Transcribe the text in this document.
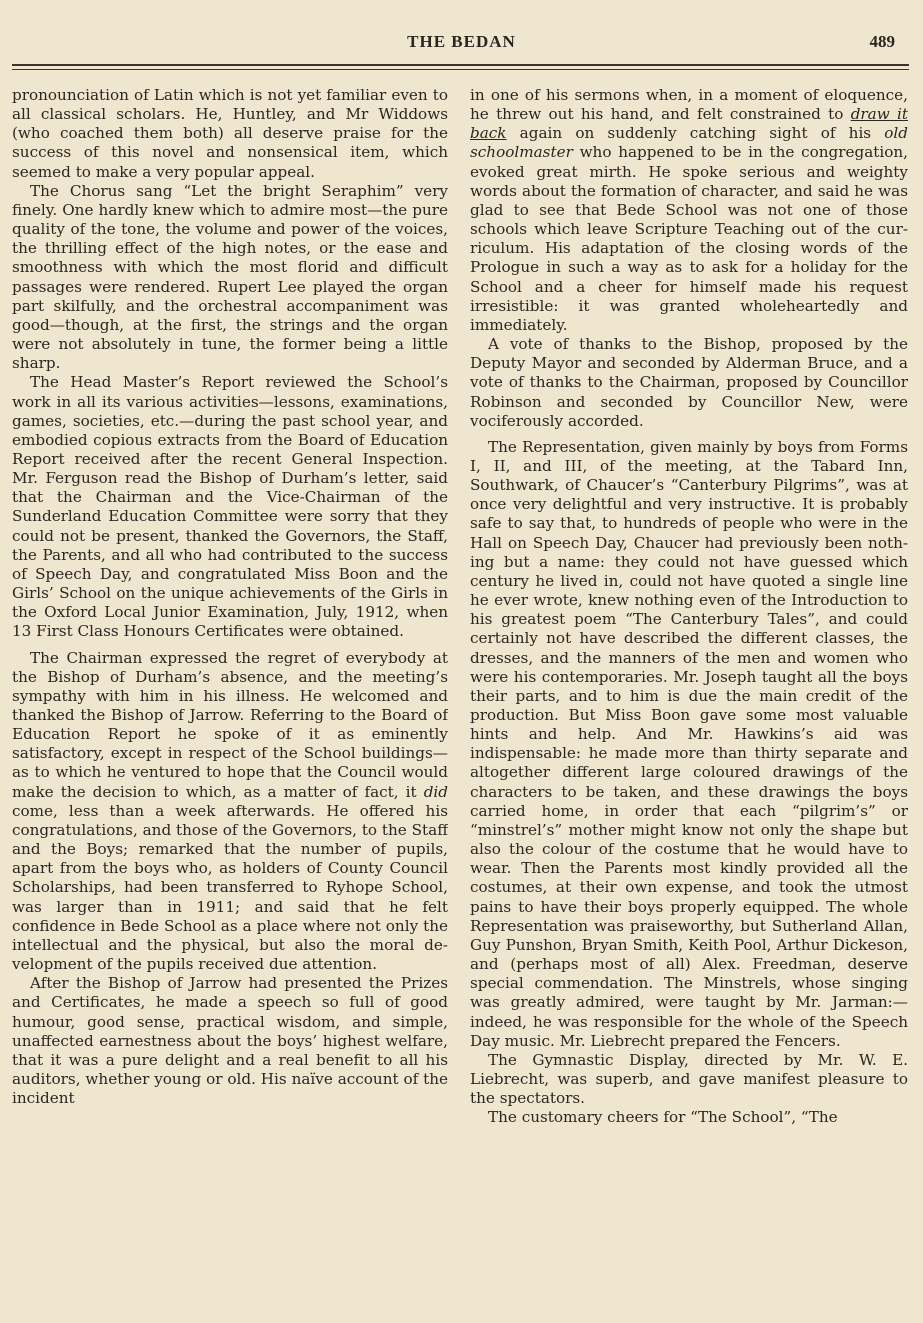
THE BEDAN	489

pronounciation of Latin which is not yet familiar even to all classical scholars. He, Huntley, and Mr Widdows (who coached them both) all deserve praise for the success of this novel and nonsensical item, which seemed to make a very popular appeal.

The Chorus sang “Let the bright Seraphim” very finely. One hardly knew which to admire most—the pure quality of the tone, the volume and power of the voices, the thrilling effect of the high notes, or the ease and smoothness with which the most florid and difficult passages were rendered. Rupert Lee played the organ part skilfully, and the orchestral accompaniment was good—though, at the first, the strings and the organ were not absolutely in tune, the former being a little sharp.

The Head Master’s Report reviewed the School’s work in all its various activities—lessons, examinations, games, societies, etc.—during the past school year, and embodied copious extracts from the Board of Education Report received after the recent General Inspection. Mr. Ferguson read the Bishop of Durham’s letter, said that the Chairman and the Vice-Chairman of the Sunderland Education Committee were sorry that they could not be present, thanked the Governors, the Staff, the Parents, and all who had contributed to the success of Speech Day, and congratulated Miss Boon and the Girls’ School on the unique achievements of the Girls in the Oxford Local Junior Examination, July, 1912, when 13 First Class Honours Certificates were obtained.

The Chairman expressed the regret of everybody at the Bishop of Durham’s absence, and the meeting’s sympathy with him in his illness. He welcomed and thanked the Bishop of Jarrow. Referring to the Board of Education Report he spoke of it as eminently satisfactory, except in respect of the School buildings—as to which he ventured to hope that the Council would make the decision to which, as a matter of fact, it did come, less than a week afterwards. He offered his congratulations, and those of the Governors, to the Staff and the Boys; remarked that the number of pupils, apart from the boys who, as holders of County Council Scholarships, had been transferred to Ryhope School, was larger than in 1911; and said that he felt confidence in Bede School as a place where not only the intellectual and the physical, but also the moral development of the pupils received due attention.

After the Bishop of Jarrow had presented the Prizes and Certificates, he made a speech so full of good humour, good sense, practical wisdom, and simple, unaffected earnestness about the boys’ highest welfare, that it was a pure delight and a real benefit to all his auditors, whether young or old. His naïve account of the incident

in one of his sermons when, in a moment of eloquence, he threw out his hand, and felt constrained to draw it back again on suddenly catching sight of his old schoolmaster who happened to be in the congregation, evoked great mirth. He spoke serious and weighty words about the formation of character, and said he was glad to see that Bede School was not one of those schools which leave Scripture Teaching out of the curriculum. His adaptation of the closing words of the Prologue in such a way as to ask for a holiday for the School and a cheer for himself made his request irresistible: it was granted wholeheartedly and immediately.

A vote of thanks to the Bishop, proposed by the Deputy Mayor and seconded by Alderman Bruce, and a vote of thanks to the Chairman, proposed by Councillor Robinson and seconded by Councillor New, were vociferously accorded.

The Representation, given mainly by boys from Forms I, II, and III, of the meeting, at the Tabard Inn, Southwark, of Chaucer’s “Canterbury Pilgrims”, was at once very delightful and very instructive. It is probably safe to say that, to hundreds of people who were in the Hall on Speech Day, Chaucer had previously been nothing but a name: they could not have guessed which century he lived in, could not have quoted a single line he ever wrote, knew nothing even of the Introduction to his greatest poem “The Canterbury Tales”, and could certainly not have described the different classes, the dresses, and the manners of the men and women who were his contemporaries. Mr. Joseph taught all the boys their parts, and to him is due the main credit of the production. But Miss Boon gave some most valuable hints and help. And Mr. Hawkins’s aid was indispensable: he made more than thirty separate and altogether different large coloured drawings of the characters to be taken, and these drawings the boys carried home, in order that each “pilgrim’s” or “minstrel’s” mother might know not only the shape but also the colour of the costume that he would have to wear. Then the Parents most kindly provided all the costumes, at their own expense, and took the utmost pains to have their boys properly equipped. The whole Representation was praiseworthy, but Sutherland Allan, Guy Punshon, Bryan Smith, Keith Pool, Arthur Dickeson, and (perhaps most of all) Alex. Freedman, deserve special commendation. The Minstrels, whose singing was greatly admired, were taught by Mr. Jarman:—indeed, he was responsible for the whole of the Speech Day music. Mr. Liebrecht prepared the Fencers.

The Gymnastic Display, directed by Mr. W. E. Liebrecht, was superb, and gave manifest pleasure to the spectators.

The customary cheers for “The School”, “The
